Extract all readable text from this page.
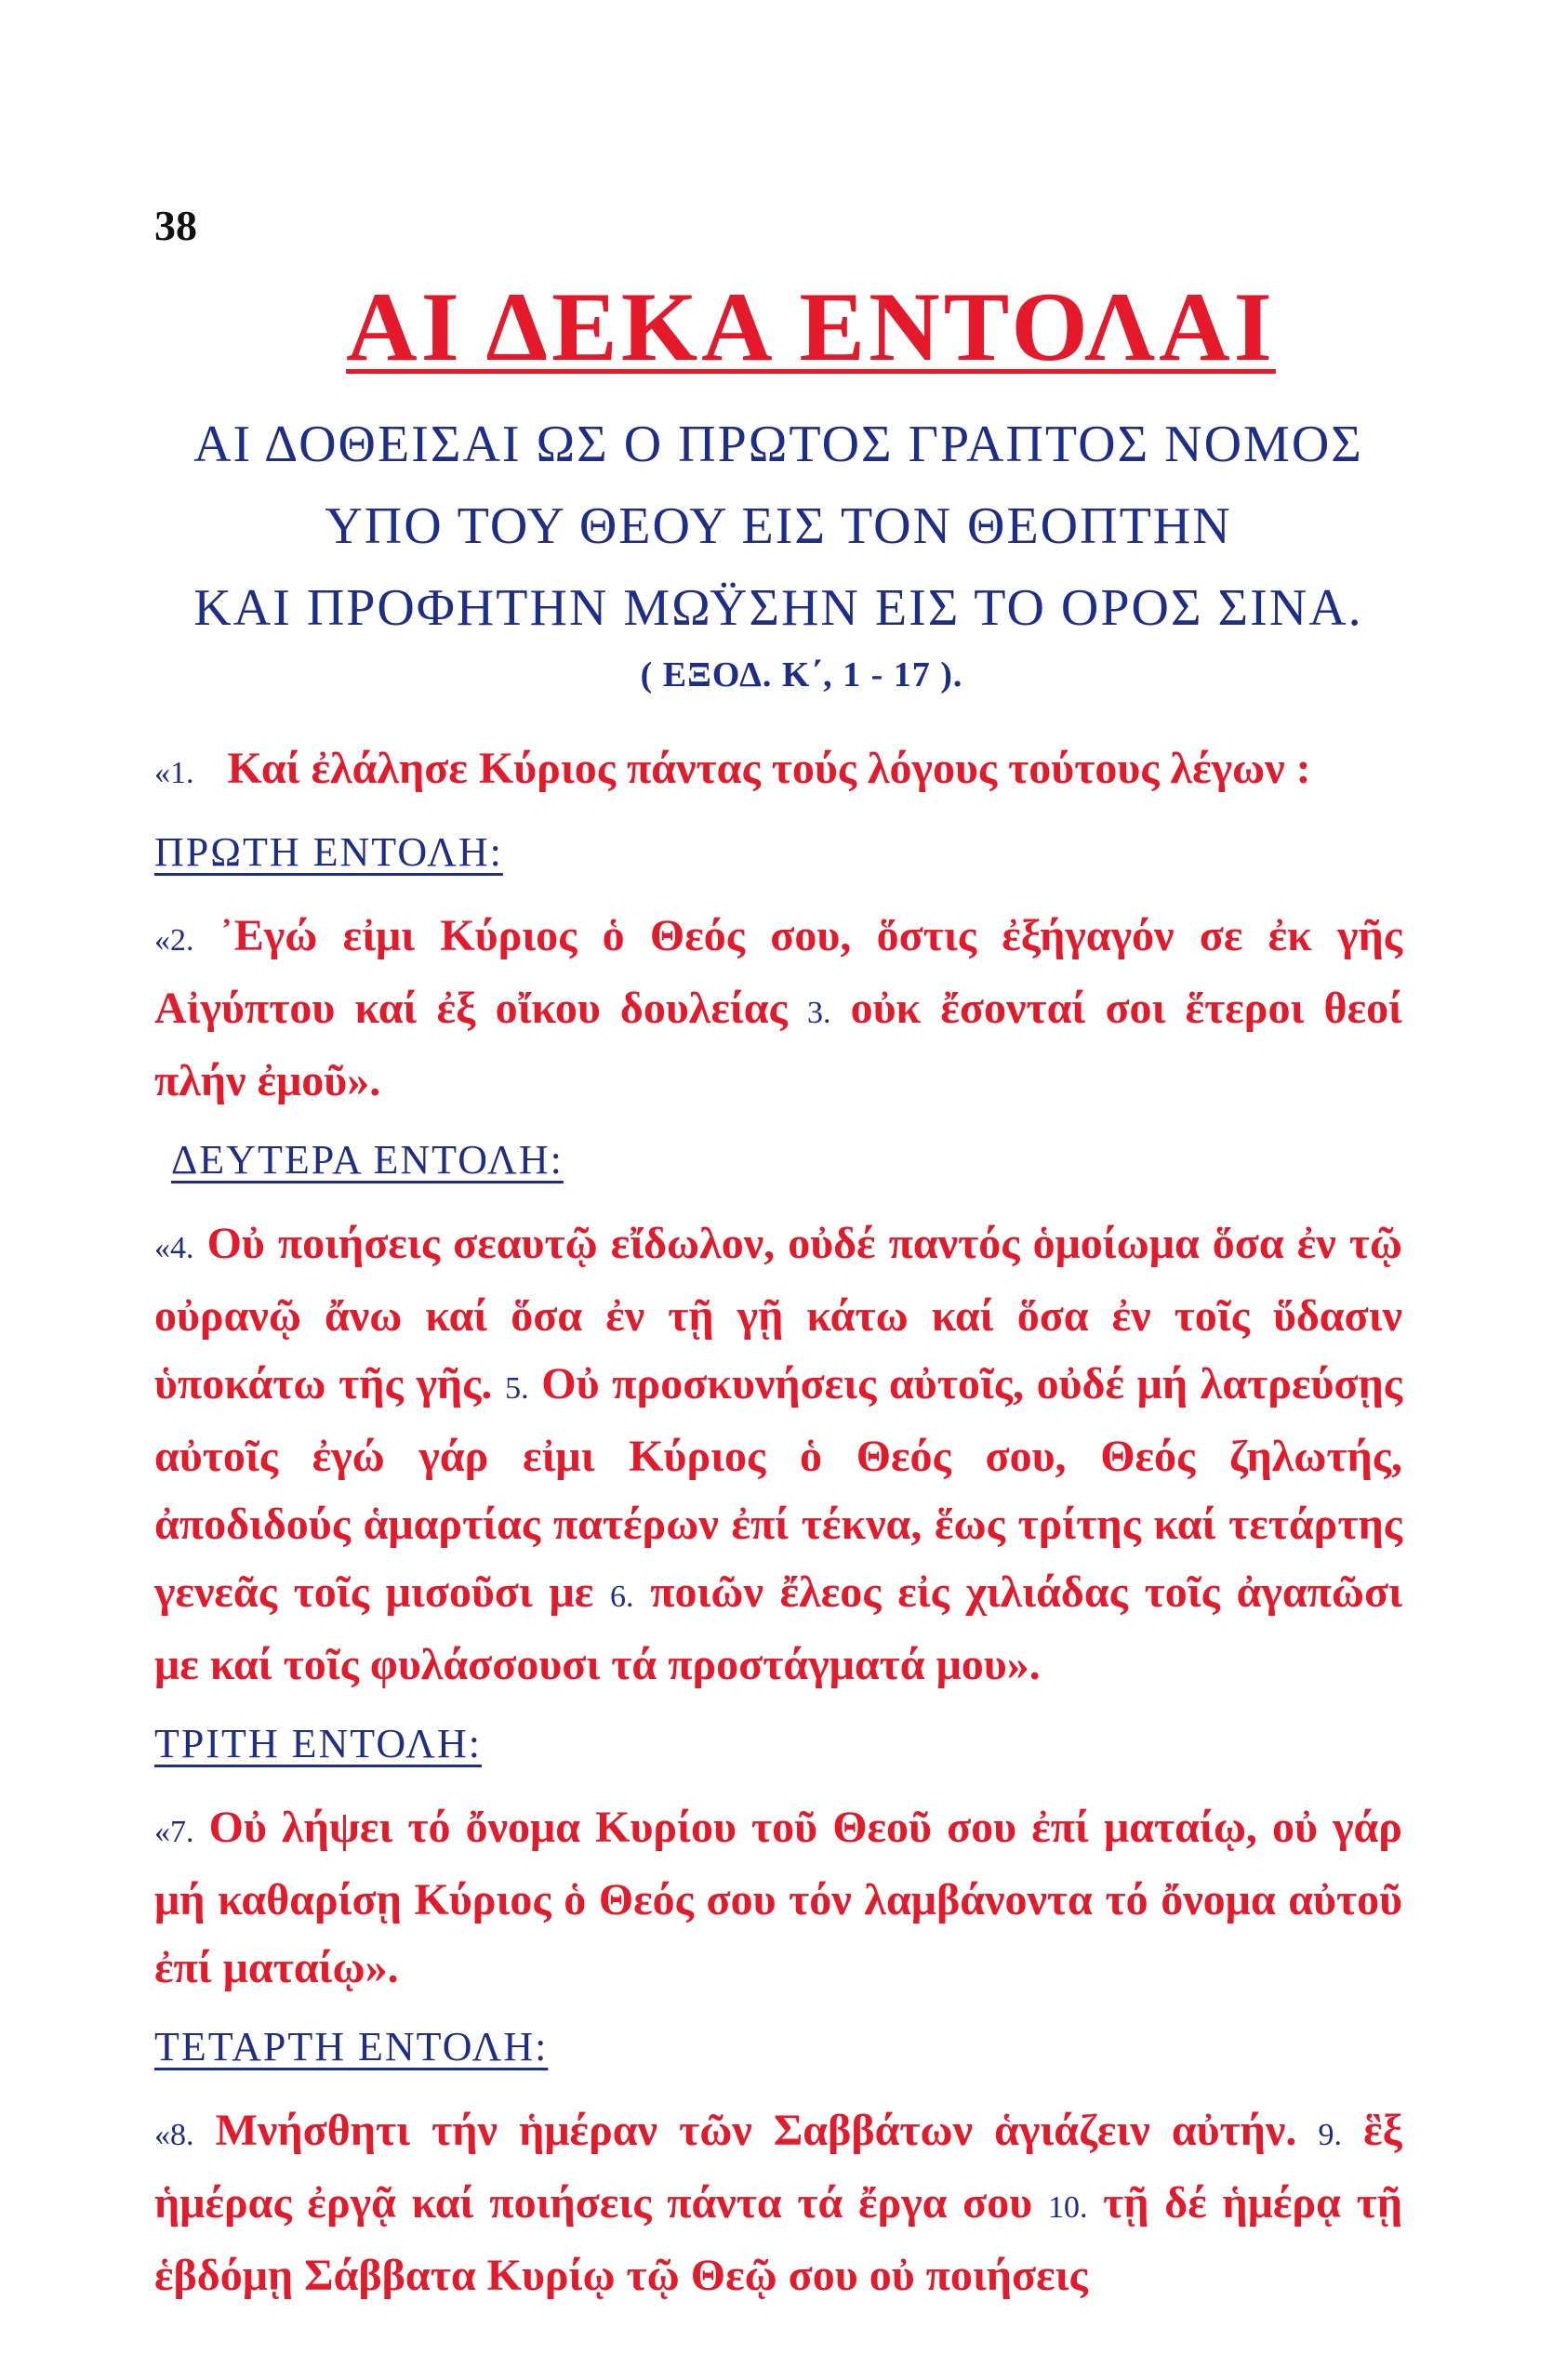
38
ΑΙ ΔΕΚΑ ΕΝΤΟΛΑΙ
ΑΙ ΔΟΘΕΙΣΑΙ ΩΣ Ο ΠΡΩΤΟΣ ΓΡΑΠΤΟΣ ΝΟΜΟΣ
ΥΠΟ ΤΟΥ ΘΕΟΥ ΕΙΣ ΤΟΝ ΘΕΟΠΤΗΝ
ΚΑΙ ΠΡΟΦΗΤΗΝ ΜΩΫΣΗΝ ΕΙΣ ΤΟ ΟΡΟΣ ΣΙΝΑ.
( ΕΞΟΔ. Κ΄, 1 - 17 ).

«1. Καί ἐλάλησε Κύριος πάντας τούς λόγους τούτους λέγων :

ΠΡΩΤΗ ΕΝΤΟΛΗ:

«2. ᾿Εγώ εἰμι Κύριος ὁ Θεός σου, ὅστις ἐξήγαγόν σε ἐκ γῆς Αἰγύπτου καί ἐξ οἴκου δουλείας 3. οὐκ ἔσονταί σοι ἕτεροι θεοί πλήν ἐμοῦ».

ΔΕΥΤΕΡΑ ΕΝΤΟΛΗ:

«4. Οὐ ποιήσεις σεαυτῷ εἴδωλον, οὐδέ παντός ὁμοίωμα ὅσα ἐν τῷ οὐρανῷ ἄνω καί ὅσα ἐν τῇ γῇ κάτω καί ὅσα ἐν τοῖς ὕδασιν ὑποκάτω τῆς γῆς. 5. Οὐ προσκυνήσεις αὐτοῖς, οὐδέ μή λατρεύσῃς αὐτοῖς ἐγώ γάρ εἰμι Κύριος ὁ Θεός σου, Θεός ζηλωτής, ἀποδιδούς ἁμαρτίας πατέρων ἐπί τέκνα, ἕως τρίτης καί τετάρτης γενεᾶς τοῖς μισοῦσι με 6. ποιῶν ἔλεος εἰς χιλιάδας τοῖς ἀγαπῶσι με καί τοῖς φυλάσσουσι τά προστάγματά μου».

ΤΡΙΤΗ ΕΝΤΟΛΗ:

«7. Οὐ λήψει τό ὄνομα Κυρίου τοῦ Θεοῦ σου ἐπί ματαίῳ, οὐ γάρ μή καθαρίσῃ Κύριος ὁ Θεός σου τόν λαμβάνοντα τό ὄνομα αὐτοῦ ἐπί ματαίῳ».

ΤΕΤΑΡΤΗ ΕΝΤΟΛΗ:

«8. Μνήσθητι τήν ἡμέραν τῶν Σαββάτων ἁγιάζειν αὐτήν. 9. ἓξ ἡμέρας ἐργᾷ καί ποιήσεις πάντα τά ἔργα σου 10. τῇ δέ ἡμέρᾳ τῇ ἑβδόμῃ Σάββατα Κυρίῳ τῷ Θεῷ σου οὐ ποιήσεις
